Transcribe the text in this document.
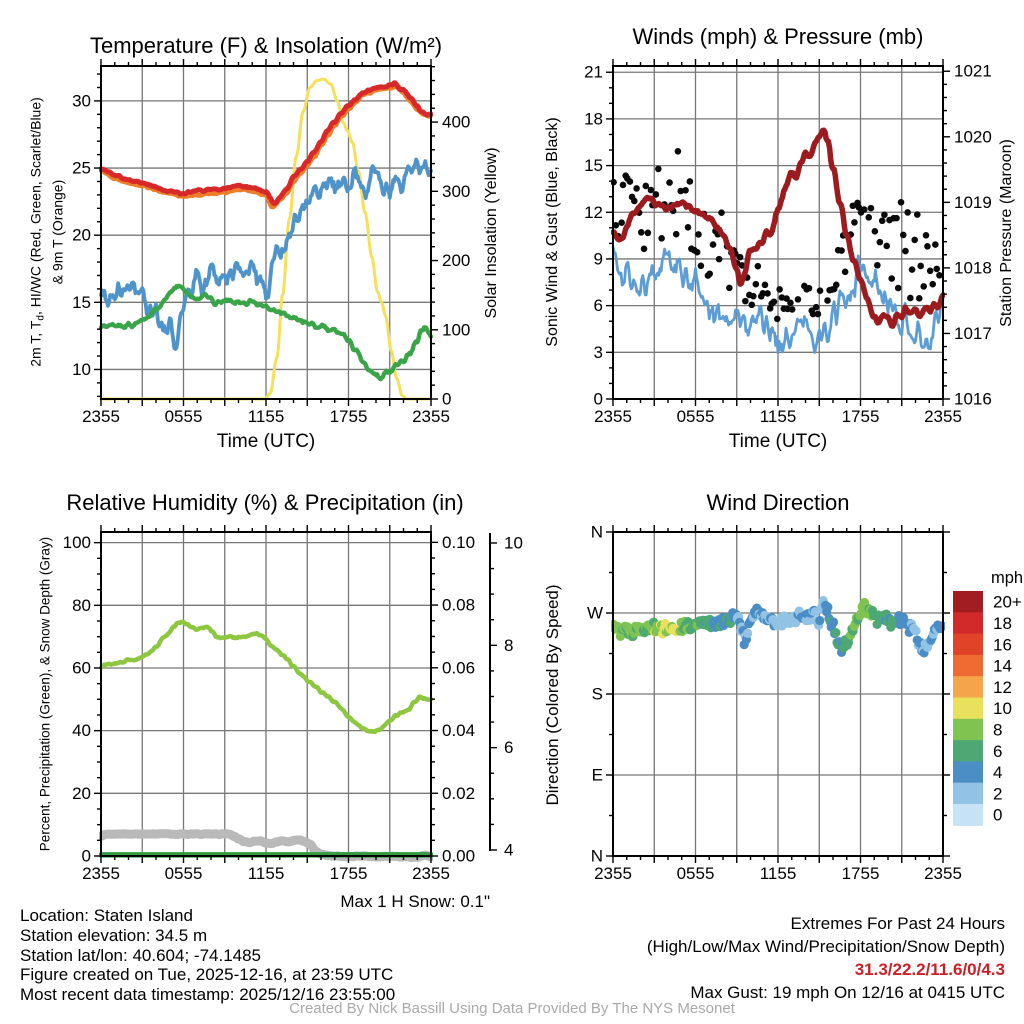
2355	0555	1155	1755	2355
10
15
20
25
30
0
100
200
300
400
2355	0555	1155	1755	2355
0
3
6
9
12
15
18
21
1016
1017
1018
1019
1020
1021
2355	0555	1155	1755	2355
0
20
40
60
80
100
0.00
0.02
0.04
0.06
0.08
0.10
4
6
8
10
2355	0555	1155	1755	2355
N
E
S
W
N
20+
18
16
14
12
10
8
6
4
2
0
Temperature (F) & Insolation (W/m²)	Winds (mph) & Pressure (mb)
Relative Humidity (%) & Precipitation (in)	Wind Direction
Time (UTC)	Time (UTC)
2m T, $T_d$, HI/WC (Red, Green, Scarlet/Blue) & 9m T (Orange)	Solar Insolation (Yellow)	Sonic Wind & Gust (Blue, Black)	Station Pressure (Maroon)
Percent, Precipitation (Green), & Snow Depth (Gray)	Direction (Colored By Speed)
mph
Max 1 H Snow: 0.1"
Location: Staten Island
Station elevation: 34.5 m
Station lat/lon: 40.604; -74.1485
Figure created on Tue, 2025-12-16, at 23:59 UTC
Most recent data timestamp: 2025/12/16 23:55:00
Extremes For Past 24 Hours
(High/Low/Max Wind/Precipitation/Snow Depth)
31.3/22.2/11.6/0/4.3
Max Gust: 19 mph On 12/16 at 0415 UTC
Created By Nick Bassill Using Data Provided By The NYS Mesonet
